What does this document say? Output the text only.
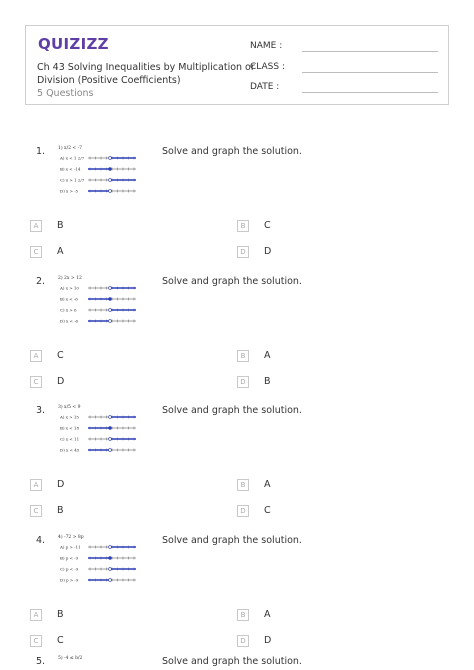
QUIZIZZ
Ch 43 Solving Inequalities by Multiplication or Division (Positive Coefficients)
5 Questions
NAME :
CLASS :
DATE :
1.	Solve and graph the solution.
1) x/2 < -7
A) x < 1 2/7
B) x < -14
C) x > 1 2/7
D) x > -5
A	B	B	C
C	A	D	D
2.	Solve and graph the solution.
2) 2x > 12
A) x > 10
B) x < -6
C) x > 6
D) x < -6
A	C	B	A
C	D	D	B
3.	Solve and graph the solution.
3) x/5 < 9
A) x > 15
B) x < 18
C) x < 11
D) x < 45
A	D	B	A
C	B	D	C
4.	Solve and graph the solution.
4) -72 > 8p
A) p > -11
B) p < -9
C) p < -9
D) p > -9
A	B	B	A
C	C	D	D
5.	Solve and graph the solution.
5) -4 ≤ b/2
